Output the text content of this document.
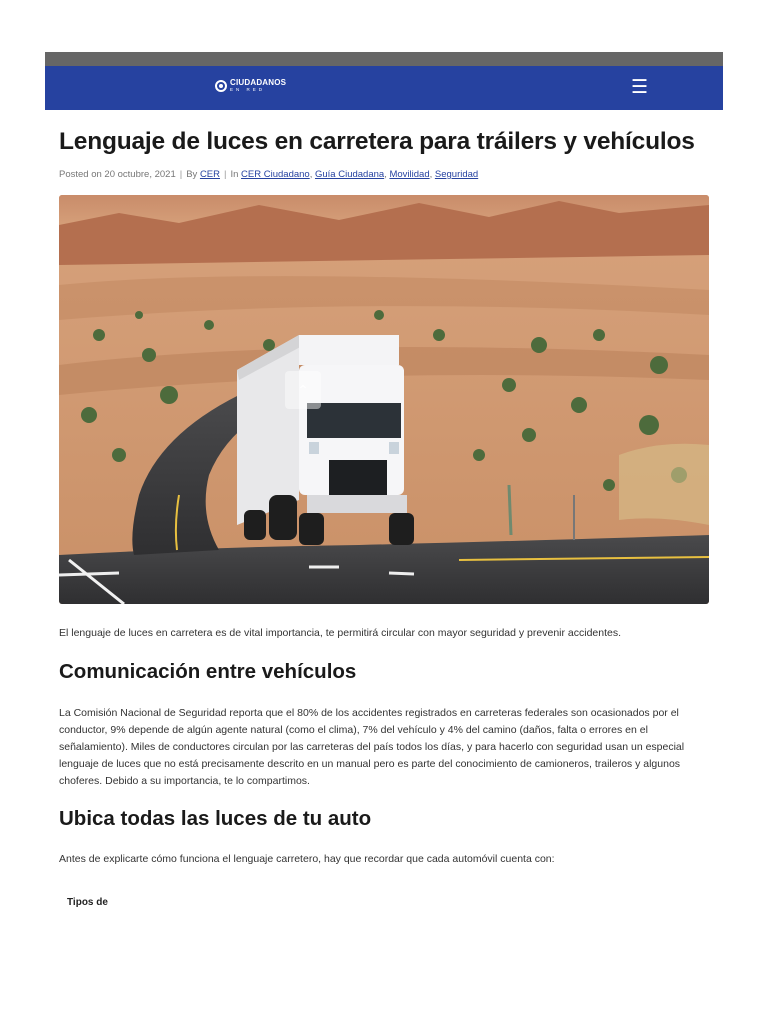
CIUDADANOS
EN RED	☰
Lenguaje de luces en carretera para tráilers y vehículos
Posted on 20 octubre, 2021 | By CER | In CER Ciudadano, Guía Ciudadana, Movilidad, Seguridad
⌃

El lenguaje de luces en carretera es de vital importancia, te permitirá circular con mayor seguridad y prevenir accidentes.

Comunicación entre vehículos

La Comisión Nacional de Seguridad reporta que el 80% de los accidentes registrados en carreteras federales son ocasionados por el conductor, 9% depende de algún agente natural (como el clima), 7% del vehículo y 4% del camino (daños, falta o errores en el señalamiento). Miles de conductores circulan por las carreteras del país todos los días, y para hacerlo con seguridad usan un especial lenguaje de luces que no está precisamente descrito en un manual pero es parte del conocimiento de camioneros, traileros y algunos choferes. Debido a su importancia, te lo compartimos.

Ubica todas las luces de tu auto

Antes de explicarte cómo funciona el lenguaje carretero, hay que recordar que cada automóvil cuenta con:

Tipos de
